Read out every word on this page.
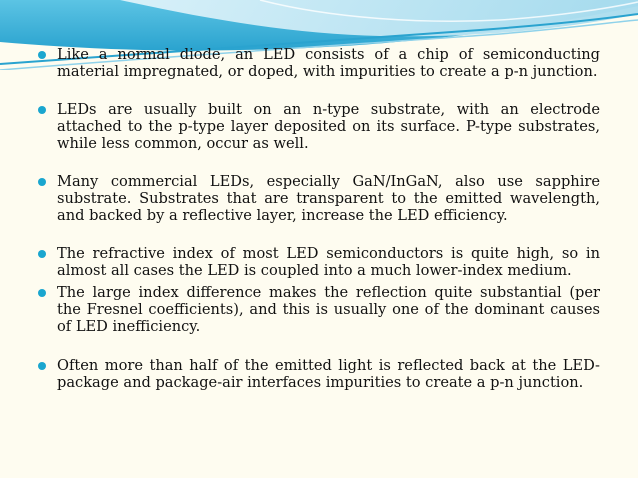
Like a normal diode, an LED consists of a chip of semiconducting material impregnated, or doped, with impurities to create a p-n junction.
LEDs are usually built on an n-type substrate, with an electrode attached to the p-type layer deposited on its surface. P-type substrates, while less common, occur as well.
Many commercial LEDs, especially GaN/InGaN, also use sapphire substrate. Substrates that are transparent to the emitted wavelength, and backed by a reflective layer, increase the LED efficiency.
The refractive index of most LED semiconductors is quite high, so in almost all cases the LED is coupled into a much lower-index medium.
The large index difference makes the reflection quite substantial (per the Fresnel coefficients), and this is usually one of the dominant causes of LED inefficiency.
Often more than half of the emitted light is reflected back at the LED-package and package-air interfaces impurities to create a p-n junction.
